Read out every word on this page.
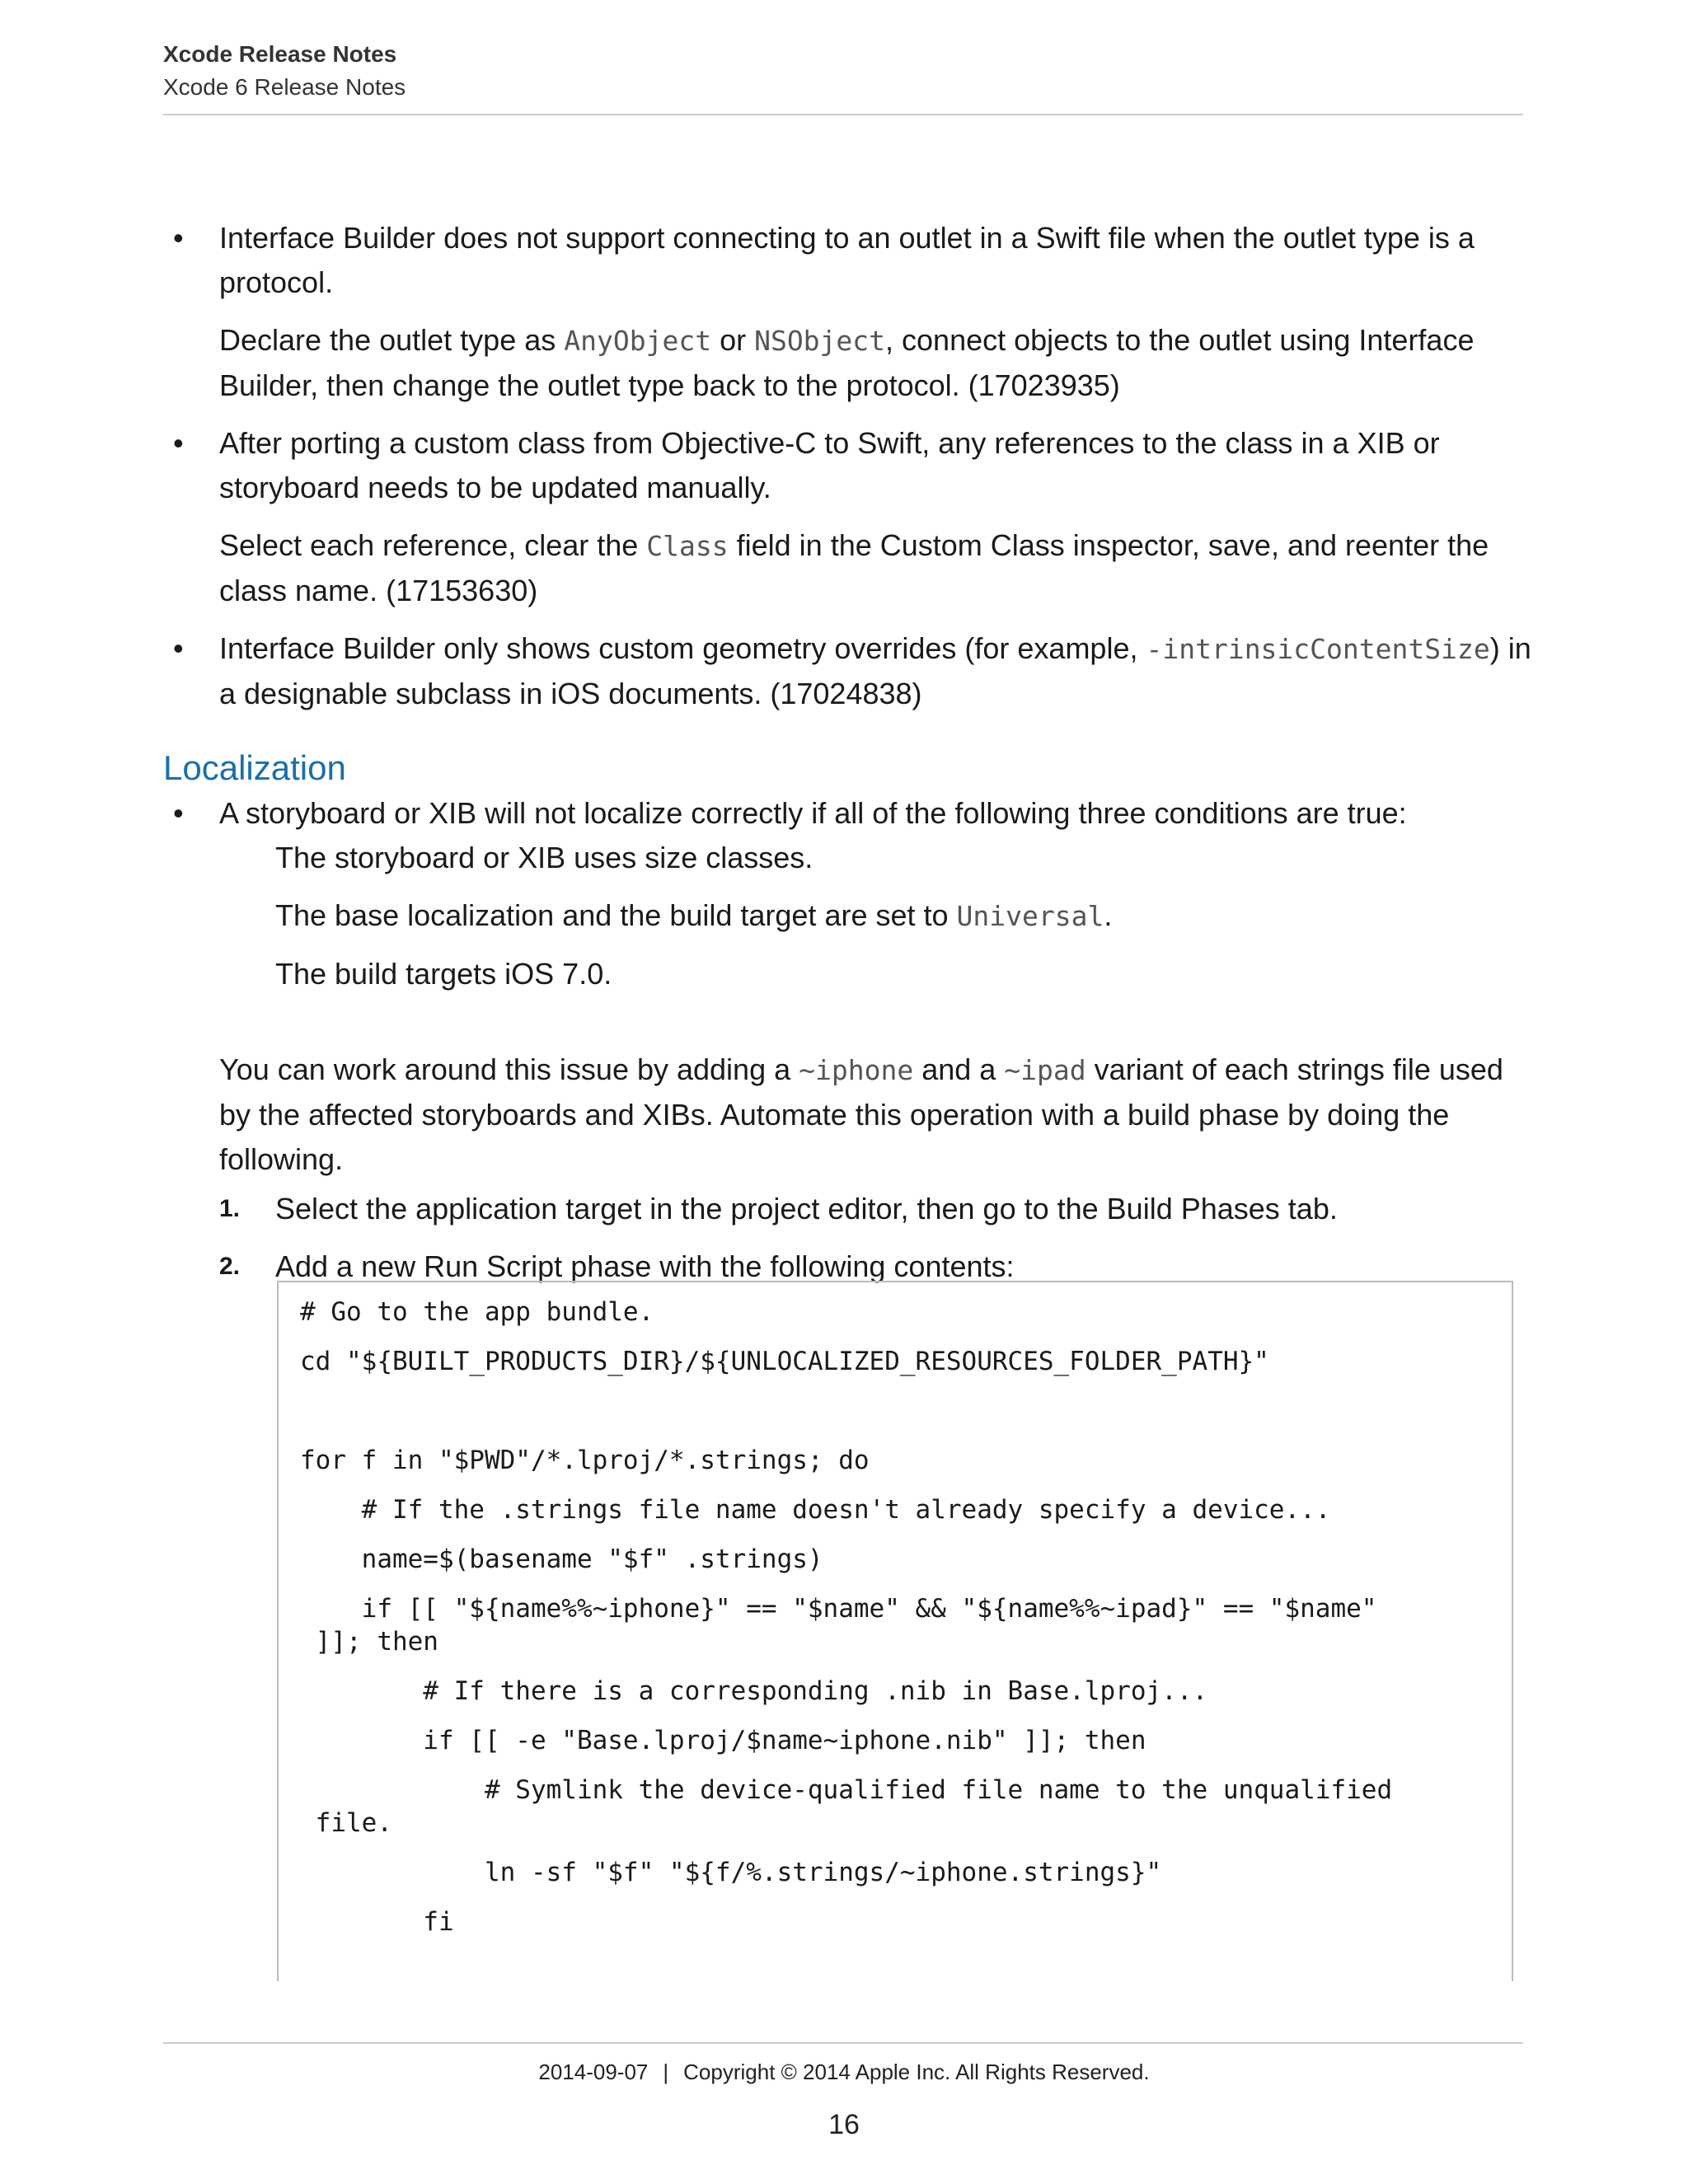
Xcode Release Notes
Xcode 6 Release Notes

• Interface Builder does not support connecting to an outlet in a Swift file when the outlet type is a protocol.

Declare the outlet type as AnyObject or NSObject, connect objects to the outlet using Interface Builder, then change the outlet type back to the protocol. (17023935)

• After porting a custom class from Objective-C to Swift, any references to the class in a XIB or storyboard needs to be updated manually.

Select each reference, clear the Class field in the Custom Class inspector, save, and reenter the class name. (17153630)

• Interface Builder only shows custom geometry overrides (for example, -intrinsicContentSize) in a designable subclass in iOS documents. (17024838)

Localization

• A storyboard or XIB will not localize correctly if all of the following three conditions are true:

The storyboard or XIB uses size classes.

The base localization and the build target are set to Universal.

The build targets iOS 7.0.

You can work around this issue by adding a ~iphone and a ~ipad variant of each strings file used by the affected storyboards and XIBs. Automate this operation with a build phase by doing the following.

1. Select the application target in the project editor, then go to the Build Phases tab.

2. Add a new Run Script phase with the following contents:

# Go to the app bundle.
cd "${BUILT_PRODUCTS_DIR}/${UNLOCALIZED_RESOURCES_FOLDER_PATH}"
for f in "$PWD"/*.lproj/*.strings; do
# If the .strings file name doesn't already specify a device...
name=$(basename "$f" .strings)
if [[ "${name%%~iphone}" == "$name" && "${name%%~ipad}" == "$name"
]]; then
# If there is a corresponding .nib in Base.lproj...
if [[ -e "Base.lproj/$name~iphone.nib" ]]; then
# Symlink the device-qualified file name to the unqualified
file.
ln -sf "$f" "${f/%.strings/~iphone.strings}"
fi
2014-09-07 | Copyright © 2014 Apple Inc. All Rights Reserved.
16
